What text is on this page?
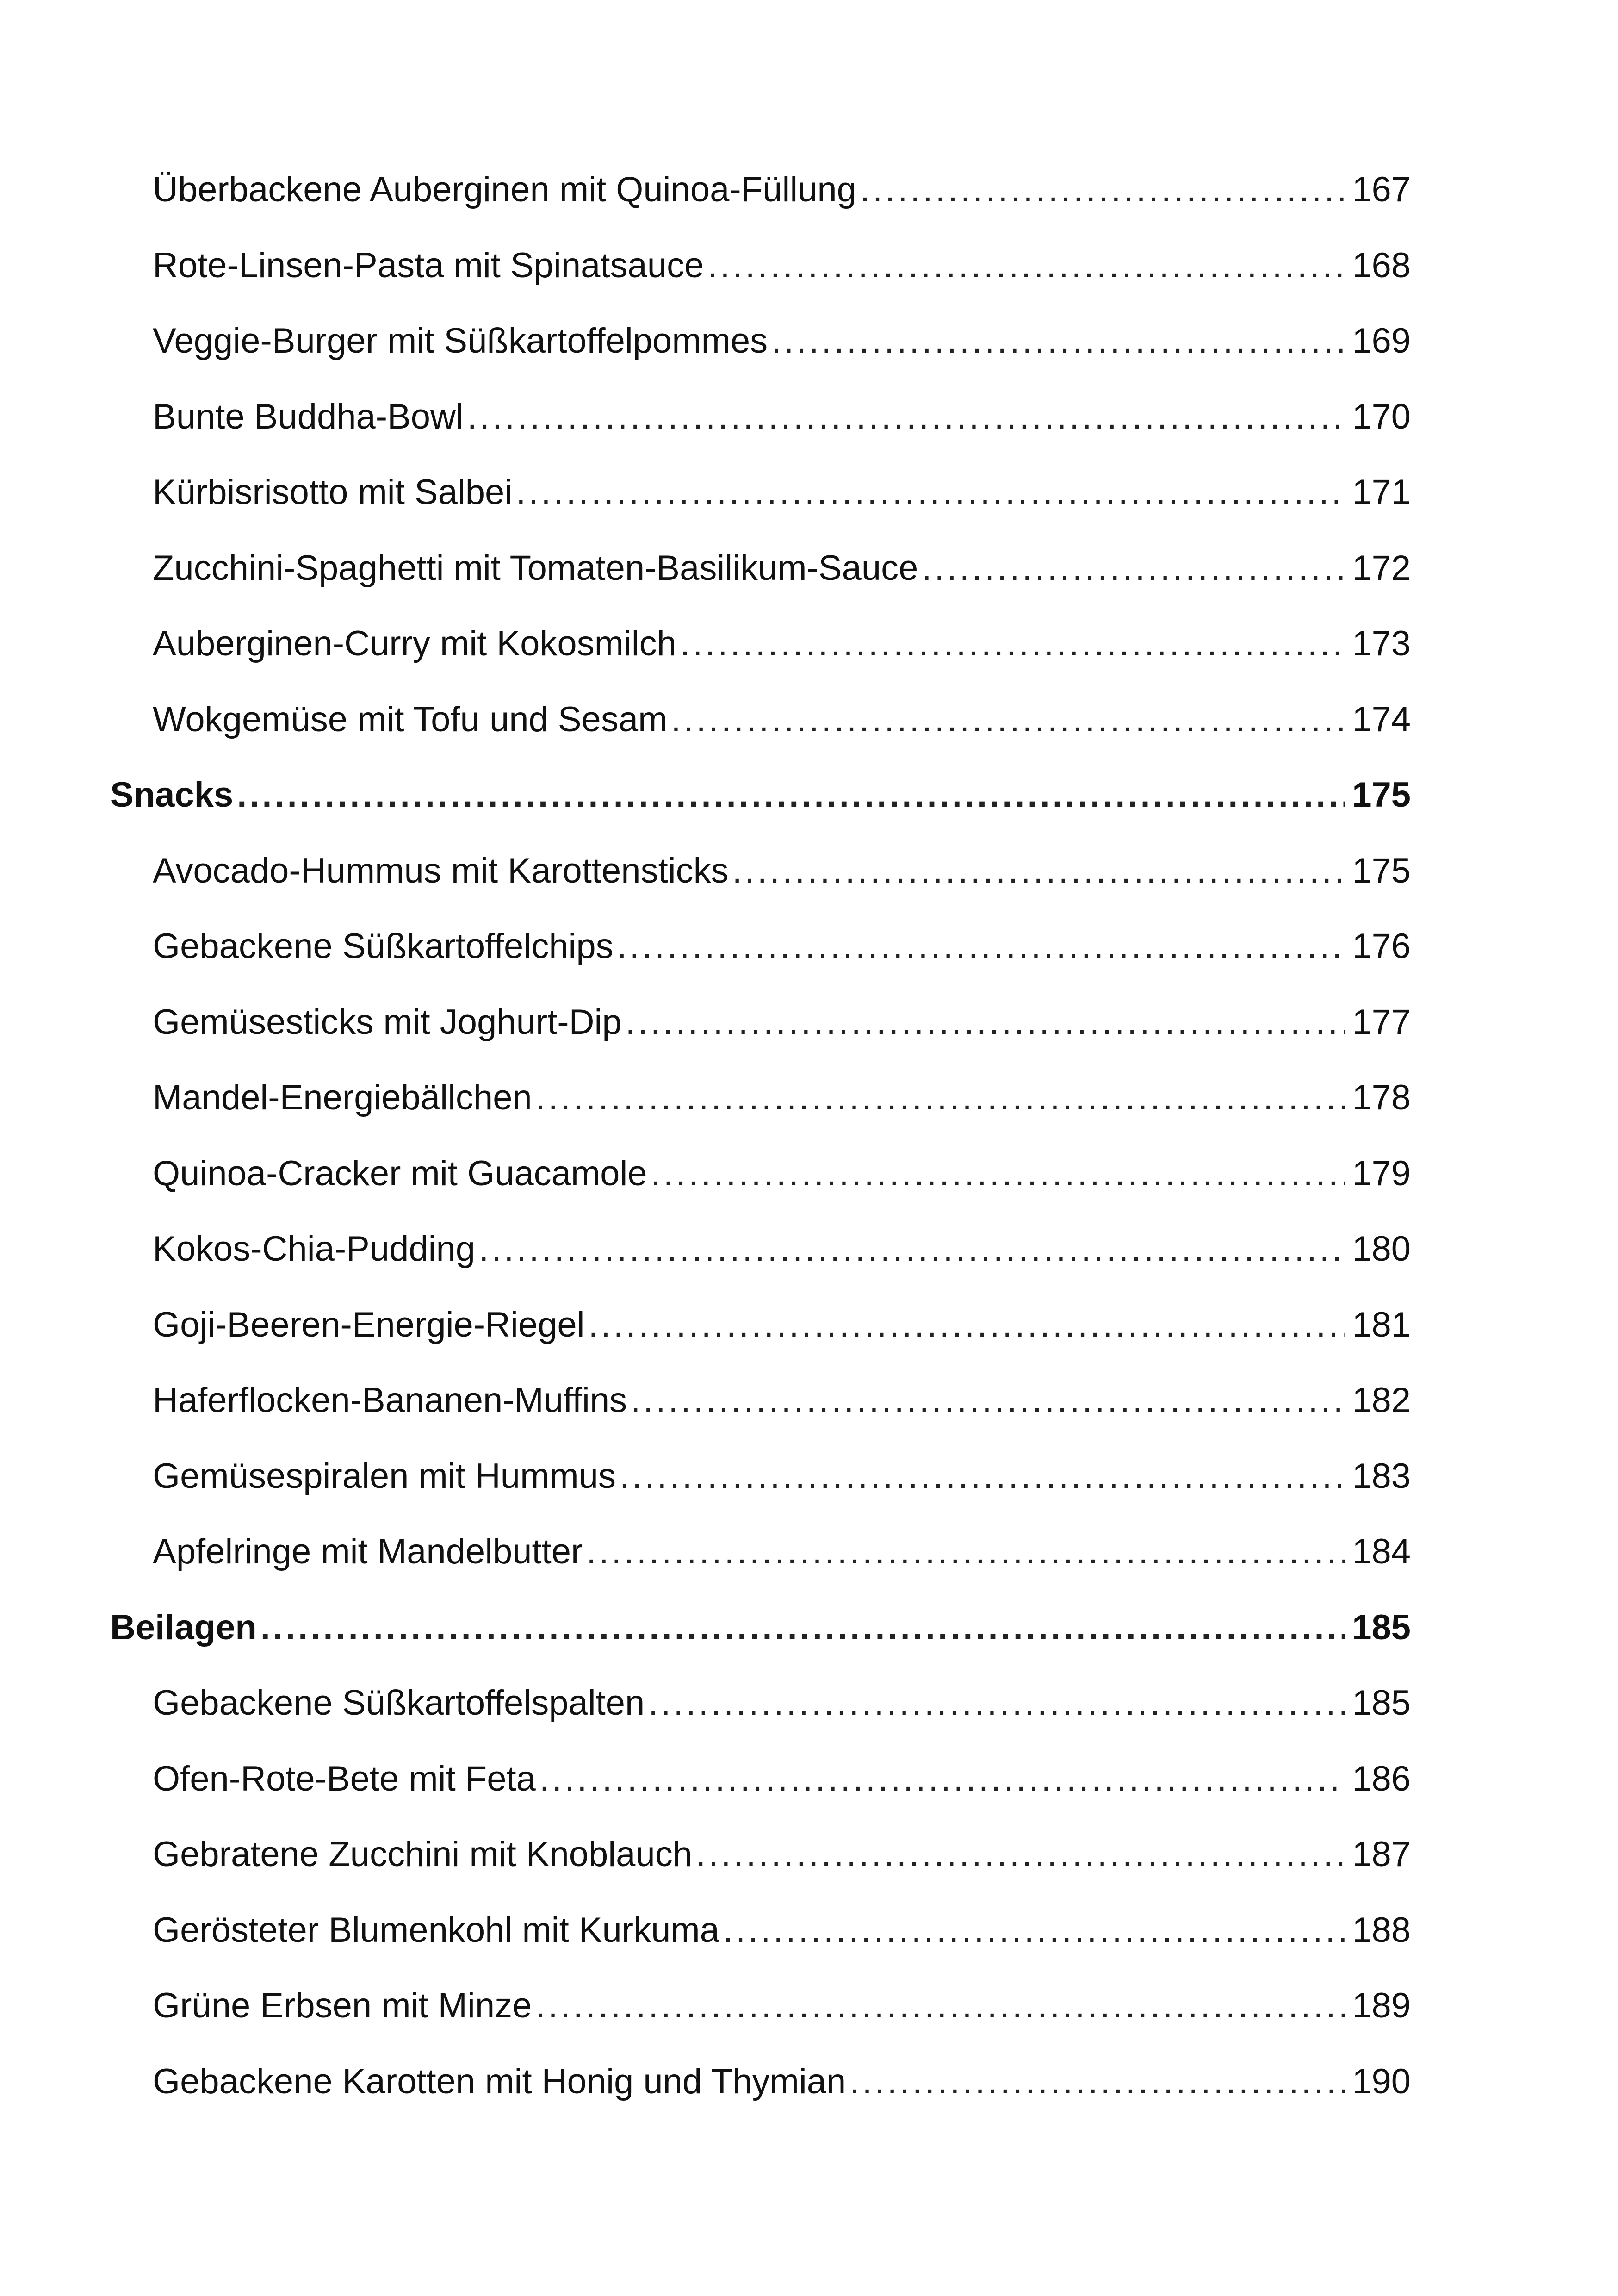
Überbackene Auberginen mit Quinoa-Füllung .....	167
Rote-Linsen-Pasta mit Spinatsauce .....	168
Veggie-Burger mit Süßkartoffelpommes .....	169
Bunte Buddha-Bowl .....	170
Kürbisrisotto mit Salbei .....	171
Zucchini-Spaghetti mit Tomaten-Basilikum-Sauce .....	172
Auberginen-Curry mit Kokosmilch .....	173
Wokgemüse mit Tofu und Sesam .....	174
Snacks .....	175
Avocado-Hummus mit Karottensticks .....	175
Gebackene Süßkartoffelchips .....	176
Gemüsesticks mit Joghurt-Dip .....	177
Mandel-Energiebällchen .....	178
Quinoa-Cracker mit Guacamole .....	179
Kokos-Chia-Pudding .....	180
Goji-Beeren-Energie-Riegel .....	181
Haferflocken-Bananen-Muffins .....	182
Gemüsespiralen mit Hummus .....	183
Apfelringe mit Mandelbutter .....	184
Beilagen .....	185
Gebackene Süßkartoffelspalten .....	185
Ofen-Rote-Bete mit Feta .....	186
Gebratene Zucchini mit Knoblauch .....	187
Gerösteter Blumenkohl mit Kurkuma .....	188
Grüne Erbsen mit Minze .....	189
Gebackene Karotten mit Honig und Thymian .....	190
